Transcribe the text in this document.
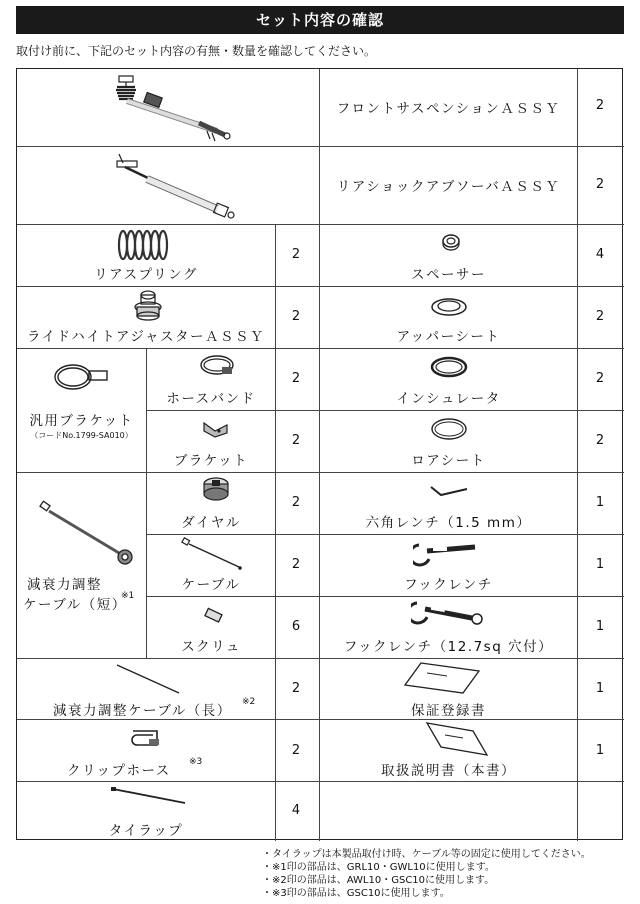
セット内容の確認
取付け前に、下記のセット内容の有無・数量を確認してください。
フロントサスペンションＡＳＳＹ	2
リアショックアブソーバＡＳＳＹ	2
リアスプリング
2
スペーサー
4
ライドハイトアジャスターＡＳＳＹ
2
アッパーシート
2
汎用ブラケット
（コードNo.1799-SA010）
ホースバンド
2
インシュレータ
2
ブラケット
2
ロアシート
2
減衰力調整
ケーブル（短）
※1
ダイヤル
2
六角レンチ（1.5 mm）
1
ケーブル
2
フックレンチ
1
スクリュ
6
フックレンチ（12.7sq 穴付）
1
減衰力調整ケーブル（長）
※2
2
保証登録書
1
クリップホース
※3
2
取扱説明書（本書）
1
タイラップ
4
・タイラップは本製品取付け時、ケーブル等の固定に使用してください。
・※1印の部品は、GRL10・GWL10に使用します。
・※2印の部品は、AWL10・GSC10に使用します。
・※3印の部品は、GSC10に使用します。
